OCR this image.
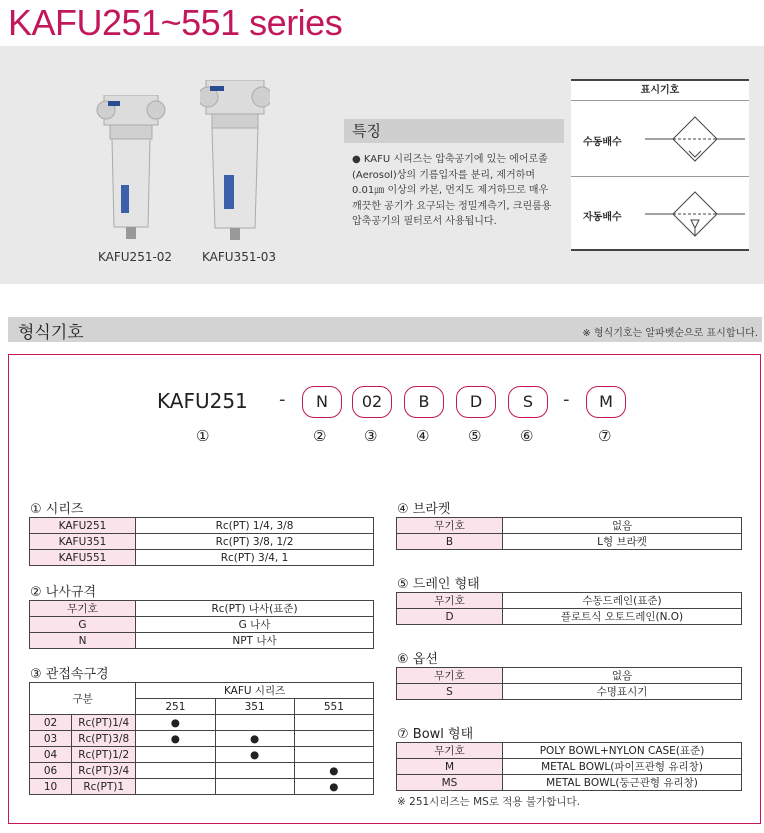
KAFU251~551 series
KAFU251-02 KAFU351-03
특징
● KAFU 시리즈는 압축공기에 있는 에어로졸(Aerosol)상의 기름입자를 분리, 제거하며 0.01㎛ 이상의 카본, 먼지도 제거하므로 매우 깨끗한 공기가 요구되는 정밀계측기, 크린룸용 압축공기의 필터로서 사용됩니다.
표시기호
수동배수
자동배수
형식기호	※ 형식기호는 알파벳순으로 표시합니다.
KAFU251 -	N	02	B	D	S	-	M
①	②	③	④	⑤	⑥	⑦
① 시리즈
KAFU251	Rc(PT) 1/4, 3/8
KAFU351	Rc(PT) 3/8, 1/2
KAFU551	Rc(PT) 3/4, 1
② 나사규격
무기호	Rc(PT) 나사(표준)
G	G 나사
N	NPT 나사
③ 관접속구경
구분		KAFU 시리즈		
		251	351	551
02	Rc(PT)1/4	●		
03	Rc(PT)3/8	●	●	
04	Rc(PT)1/2		●	
06	Rc(PT)3/4			●
10	Rc(PT)1			●
④ 브라켓
무기호	없음
B	L형 브라켓
⑤ 드레인 형태
무기호	수동드레인(표준)
D	플로트식 오토드레인(N.O)
⑥ 옵션
무기호	없음
S	수명표시기
⑦ Bowl 형태
무기호	POLY BOWL+NYLON CASE(표준)
M	METAL BOWL(파이프관형 유리창)
MS	METAL BOWL(둥근관형 유리창)
※ 251시리즈는 MS로 적용 불가합니다.
